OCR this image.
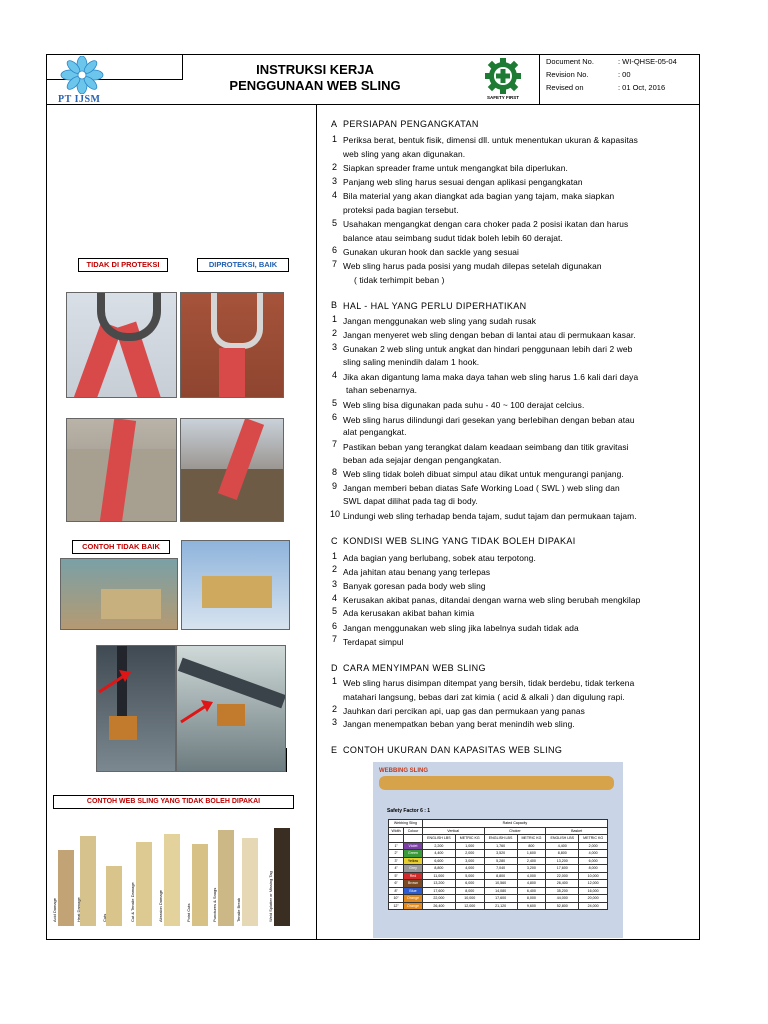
PT IJSM
INSTRUKSI KERJA
PENGGUNAAN WEB SLING
SAFETY FIRST
Document No.	: WI-QHSE-05-04
Revision No.	: 00
Revised on	: 01 Oct, 2016
TIDAK DI PROTEKSI	DIPROTEKSI, BAIK
CONTOH TIDAK BAIK
CONTOH WEB SLING YANG TIDAK BOLEH DIPAKAI
Acid Damage	Heat Damage	Cuts	Cut & Tensile Damage	Abrasion Damage	Point Cuts	Punctures & Snags	Tensile Break	Weld Splatter or Missing Tag
A PERSIAPAN PENGANGKATAN
1 Periksa berat, bentuk fisik, dimensi dll. untuk menentukan ukuran & kapasitas
web sling yang akan digunakan.
2 Siapkan spreader frame untuk mengangkat bila diperlukan.
3 Panjang web sling harus sesuai dengan aplikasi pengangkatan
4 Bila material yang akan diangkat ada bagian yang tajam, maka siapkan
proteksi pada bagian tersebut.
5 Usahakan mengangkat dengan cara choker pada 2 posisi ikatan dan harus
balance atau seimbang sudut tidak boleh lebih 60 derajat.
6 Gunakan ukuran hook dan sackle yang sesuai
7 Web sling harus pada posisi yang mudah dilepas setelah digunakan
( tidak terhimpit beban )
B HAL - HAL YANG PERLU DIPERHATIKAN
1 Jangan menggunakan web sling yang sudah rusak
2 Jangan menyeret web sling dengan beban di lantai atau di permukaan kasar.
3 Gunakan 2 web sling untuk angkat dan hindari penggunaan lebih dari 2 web
sling saling menindih dalam 1 hook.
4 Jika akan digantung lama maka daya tahan web sling harus 1.6 kali dari daya
tahan sebenarnya.
5 Web sling bisa digunakan pada suhu - 40 ~ 100 derajat celcius.
6 Web sling harus dilindungi dari gesekan yang berlebihan dengan beban atau
alat pengangkat.
7 Pastikan beban yang terangkat dalam keadaan seimbang dan titik gravitasi
beban ada sejajar dengan pengangkatan.
8 Web sling tidak boleh dibuat simpul atau dikat untuk mengurangi panjang.
9 Jangan memberi beban diatas Safe Working Load ( SWL ) web sling dan
SWL dapat dilihat pada tag di body.
10 Lindungi web sling terhadap benda tajam, sudut tajam dan permukaan tajam.
C KONDISI WEB SLING YANG TIDAK BOLEH DIPAKAI
1 Ada bagian yang berlubang, sobek atau terpotong.
2 Ada jahitan atau benang yang terlepas
3 Banyak goresan pada body web sling
4 Kerusakan akibat panas, ditandai dengan warna web sling berubah mengkilap
5 Ada kerusakan akibat bahan kimia
6 Jangan menggunakan web sling jika labelnya sudah tidak ada
7 Terdapat simpul
D CARA MENYIMPAN WEB SLING
1 Web sling harus disimpan ditempat yang bersih, tidak berdebu, tidak terkena
matahari langsung, bebas dari zat kimia ( acid & alkali ) dan digulung rapi.
2 Jauhkan dari percikan api, uap gas dan permukaan yang panas
3 Jangan menempatkan beban yang berat menindih web sling.
E CONTOH UKURAN DAN KAPASITAS WEB SLING
WEBBING SLING
Safety Factor 6 : 1
Webbing Sling		Rated Capacity					
Width	Colour	Vertical		Choker		Basket	
		ENGLISH LBS	METRIC KG	ENGLISH LBS	METRIC KG	ENGLISH LBS	METRIC KG
1"	Violet	2,200	1,000	1,760	800	4,400	2,000
2"	Green	4,400	2,000	3,520	1,600	8,800	4,000
3"	Yellow	6,600	3,000	5,280	2,400	13,200	6,000
4"	Grey	8,800	4,000	7,040	3,200	17,600	8,000
5"	Red	11,000	5,000	8,800	4,000	22,000	10,000
6"	Brown	13,200	6,000	10,560	4,800	26,400	12,000
8"	Blue	17,600	8,000	14,080	6,400	35,200	16,000
10"	Orange	22,000	10,000	17,600	8,000	44,000	20,000
12"	Orange	26,400	12,000	21,120	9,600	52,800	24,000
